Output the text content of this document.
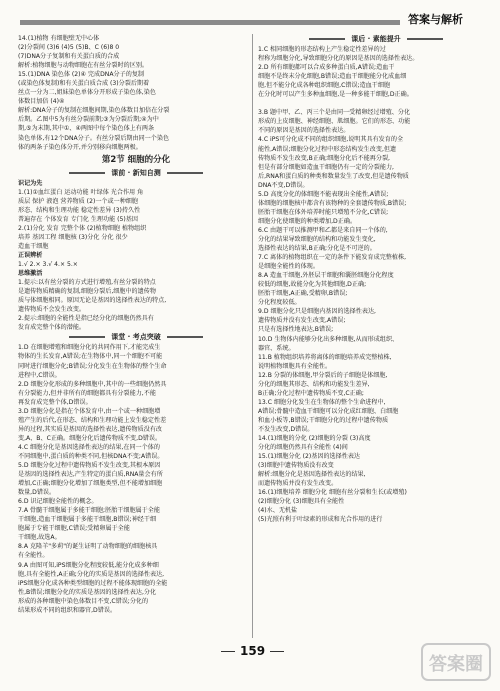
答案与解析
14.(1)植物 有细胞壁无中心体
(2)分裂间 (3)6 (4)5 (5)B、C (6)8 0
(7)DNA分子复制和有关蛋白质的合成
解析:植物细胞与动物细胞在有丝分裂时的区别。
15.(1)DNA 染色体 (2)④ 完成DNA分子的复制
(或染色体复制)和有关蛋白质合成 (3)分裂后期着
丝点一分为二,姐妹染色单体分开形成子染色体,染色
体数目加倍 (4)④
解析:DNA分子的复制在细胞间期,染色体数目加倍在分裂
后期。乙图中5为有丝分裂前期;③为分裂后期;④为中
期,⑤为末期,其中①、④两图中每个染色体上有两条
染色单体,有12个DNA分子。有丝分裂后期由同一个染色
体的两条子染色体分开,并分别移向细胞两极。
第2节 细胞的分化
课前 · 新知自测
识记为先
1.(1)①血红蛋白 运动功能 叶绿体 光合作用 角
质层 保护 液泡 营养物质 (2)一个或一种细胞
形态、结构和生理功能 稳定性差异 (3)持久性
普遍存在 个体发育 专门化 生理功能 (5)基因
2.(1)分化 发育 完整个体 (2)植物细胞 植物组织
培养 基因工程 细胞核 (3)分化 分化 很少
造血干细胞
正误辨析
1.√ 2.× 3.√ 4.× 5.×
思维激活
1.提示:以有丝分裂的方式进行增殖,有丝分裂的特点
是遗传物质精确的复制,细胞分裂后,细胞中的遗传物
质与体细胞相同。原因无论是基因的选择性表达的特点,
遗传物质不会发生改变。
2.提示:细胞的全能性是指已经分化的细胞仍然具有
发育成完整个体的潜能。
课堂 · 考点突破
1.D 在细胞增殖和细胞分化的共同作用下,才能完成生
物体的生长发育,A错误;在生物体中,同一个细胞不可能
同时进行细胞分化;B错误;分化发生在生物体的整个生命
进程中,C错误。
2.D 细胞分化形成的多种细胞中,其中的一些细胞仍然具
有分裂能力,但并非所有的细胞都具有分裂能力,不能
再发育成完整个体,D错误。
3.D 细胞分化是指在个体发育中,由一个或一种细胞增
殖产生的后代,在形态、结构和生理功能上发生稳定性差
异的过程,其实质是基因的选择性表达,遗传物质没有改
变,A、B、C正确。细胞分化后遗传物质不变,D错误。
4.C 细胞分化是基因选择性表达的结果,在同一个体的
不同细胞中,蛋白质的种类不同,但核DNA不变;A错误。
5.D 细胞分化过程中遗传物质不发生改变,其根本原因
是基因的选择性表达,产生特定的蛋白质,RNA量会有所
增加,C正确;细胞分化增加了细胞类型,但不能增加细胞
数量,D错误。
6.D 识记细胞全能性的概念。
7.A 骨髓干细胞属于多能干细胞;胚胎干细胞属于全能
干细胞,造血干细胞属于多能干细胞,B错误;神经干细
胞属于专能干细胞,C错误;受精卵属于全能
干细胞,故选A。
8.A 克隆羊"多莉"的诞生证明了动物细胞的细胞核具
有全能性。
9.A 由图可知,iPS细胞分化程度较低,能分化成多种细
胞,具有全能性,A正确;分化的实质是基因的选择性表达,
iPS细胞分化成各种类型细胞的过程不能体现细胞的全能
性,B错误;细胞分化的实质是基因的选择性表达,分化
形成的各种细胞中染色体数目不变,C错误;分化的
结果形成不同的组织和器官,D错误。
课后 · 素能提升
1.C 相同细胞的形态结构上产生稳定性差异的过
程称为细胞分化,导致细胞分化的原因是基因的选择性表达。
2.D 所有细胞都可以合成多种蛋白质,A错误;造血干
细胞不是终末分化细胞,B错误;造血干细胞能分化成血细
胞,但不能分化成各种组织细胞,C错误;造血干细胞
在分化时可以产生多种血细胞,是一种多能干细胞,D正确。

3.B 题中甲、乙、丙三个是由同一受精卵经过增殖、分化
形成的上皮细胞、神经细胞、肌细胞。它们的形态、功能
不同的原因是基因的选择性表达。
4.C iPS可分化成不同的组织细胞,说明其具有发育的全
能性,A错误;细胞分化过程中形态结构发生改变,但遗
传物质不发生改变,B正确;细胞分化后不能再分裂,
但是有部分细胞如造血干细胞仍有一定的分裂能力,
后,RNA和蛋白质的种类和数量发生了改变,但是遗传物质
DNA不变,D错误。
5.D 高度分化的体细胞不能表现出全能性,A错误;
体细胞的细胞核中都含有该物种的全套遗传物质,B错误;
胚胎干细胞在体外培养时能只增殖不分化,C错误;
细胞分化使细胞的种类增加,D正确。
6.C 由题干可以推测甲和乙都是来自同一个体的,
分化的结果导致细胞的结构和功能发生变化,
选择性表达的结果,B正确;分化是不可逆的。
7.C 离体的植物组织在一定的条件下能发育成完整植株,
是细胞全能性的体现。
8.A 造血干细胞,外胚层干细胞和囊胚细胞分化程度
较低的细胞,故能分化为其他细胞,D正确;
胚胎干细胞,A正确,受精卵,B错误;
分化程度较低。
9.D 细胞分化只是细胞内基因的选择性表达,
遗传物质并没有发生改变,A错误;
只是有选择性地表达,B错误;
10.D 生物体内能够分化出多种细胞,从而形成组织、
器官、系统。
11.B 植物组织培养将离体的细胞培养成完整植株,
说明植物细胞具有全能性。
12.B 分裂的体细胞,甲分裂后的子细胞是体细胞,
分化的细胞其形态、结构和功能发生差异,
B正确;分化过程中遗传物质不变,C正确;
13.C 细胞分化发生在生物体的整个生命进程中,
A错误;骨髓中造血干细胞可以分化成红细胞、白细胞
和血小板等,B错误;干细胞分化的过程中遗传物质
不发生改变,D错误。
14.(1)细胞的分化 (2)细胞的分裂 (3)高度
分化的细胞仍然具有全能性 (4)间
15.(1)细胞分化 (2)基因的选择性表达
(3)细胞中遗传物质没有改变
解析:细胞分化是基因选择性表达的结果,
而遗传物质并没有发生改变。
16.(1)细胞培养 细胞分化 细胞有丝分裂和生长(或增殖)
(2)细胞分化 (3)细胞具有全能性
(4)水、无机盐
(5)光照有利于叶绿素的形成和光合作用的进行
159
答案圈
